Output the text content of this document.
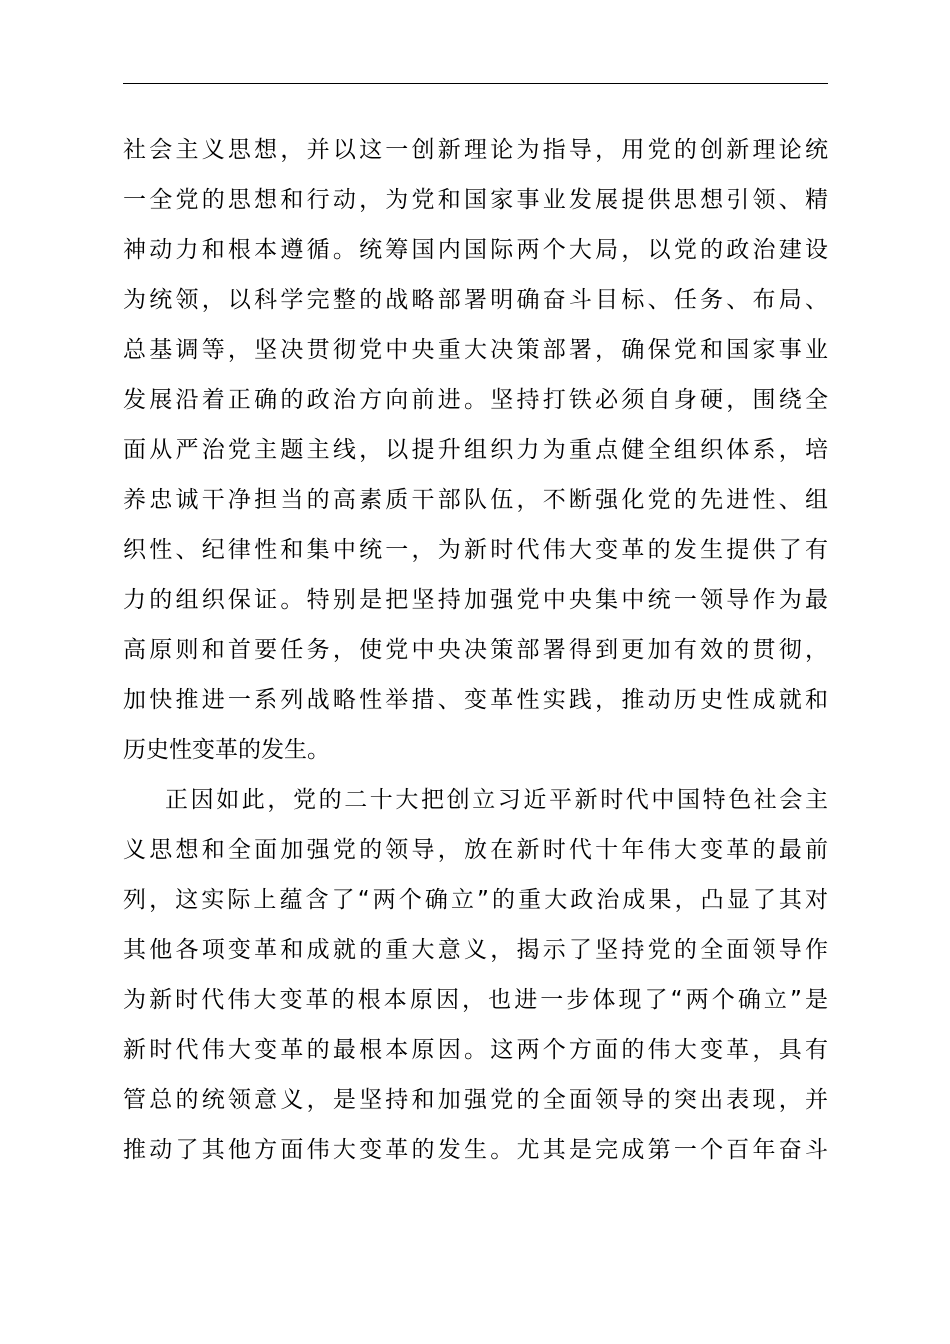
社会主义思想，并以这一创新理论为指导，用党的创新理论统
一全党的思想和行动，为党和国家事业发展提供思想引领、精
神动力和根本遵循。统筹国内国际两个大局，以党的政治建设
为统领，以科学完整的战略部署明确奋斗目标、任务、布局、
总基调等，坚决贯彻党中央重大决策部署，确保党和国家事业
发展沿着正确的政治方向前进。坚持打铁必须自身硬，围绕全
面从严治党主题主线，以提升组织力为重点健全组织体系，培
养忠诚干净担当的高素质干部队伍，不断强化党的先进性、组
织性、纪律性和集中统一，为新时代伟大变革的发生提供了有
力的组织保证。特别是把坚持加强党中央集中统一领导作为最
高原则和首要任务，使党中央决策部署得到更加有效的贯彻，
加快推进一系列战略性举措、变革性实践，推动历史性成就和
历史性变革的发生。
正因如此，党的二十大把创立习近平新时代中国特色社会主
义思想和全面加强党的领导，放在新时代十年伟大变革的最前
列，这实际上蕴含了“两个确立”的重大政治成果，凸显了其对
其他各项变革和成就的重大意义，揭示了坚持党的全面领导作
为新时代伟大变革的根本原因，也进一步体现了“两个确立”是
新时代伟大变革的最根本原因。这两个方面的伟大变革，具有
管总的统领意义，是坚持和加强党的全面领导的突出表现，并
推动了其他方面伟大变革的发生。尤其是完成第一个百年奋斗
